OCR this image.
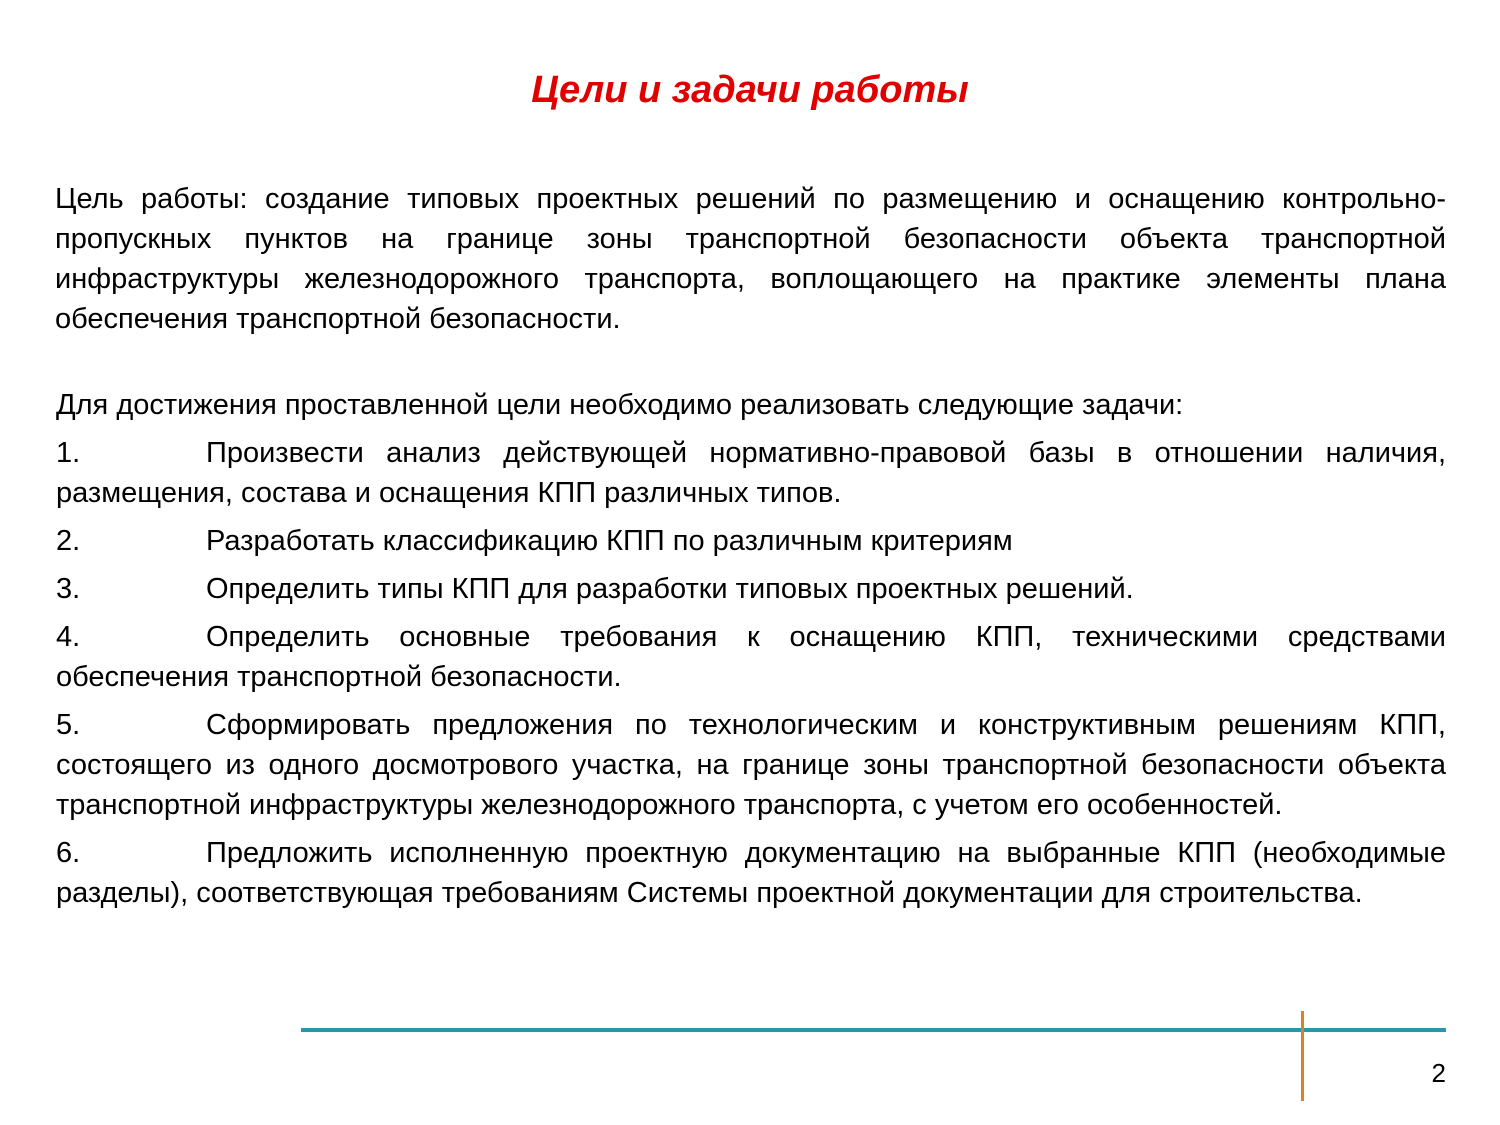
Цели и задачи работы

Цель работы: создание типовых проектных решений по размещению и оснащению контрольно-пропускных пунктов на границе зоны транспортной безопасности объекта транспортной инфраструктуры железнодорожного транспорта, воплощающего на практике элементы плана обеспечения транспортной безопасности.

Для достижения проставленной цели необходимо реализовать следующие задачи:

1.	Произвести анализ действующей нормативно-правовой базы в отношении наличия, размещения, состава и оснащения КПП различных типов.

2.	Разработать классификацию КПП по различным критериям

3.	Определить типы КПП для разработки типовых проектных решений.

4.	Определить основные требования к оснащению КПП, техническими средствами обеспечения транспортной безопасности.

5.	Сформировать предложения по технологическим и конструктивным решениям КПП, состоящего из одного досмотрового участка, на границе зоны транспортной безопасности объекта транспортной инфраструктуры железнодорожного транспорта, с учетом его особенностей.

6.	Предложить исполненную проектную документацию на выбранные КПП (необходимые разделы), соответствующая требованиям Системы проектной документации для строительства.

2
